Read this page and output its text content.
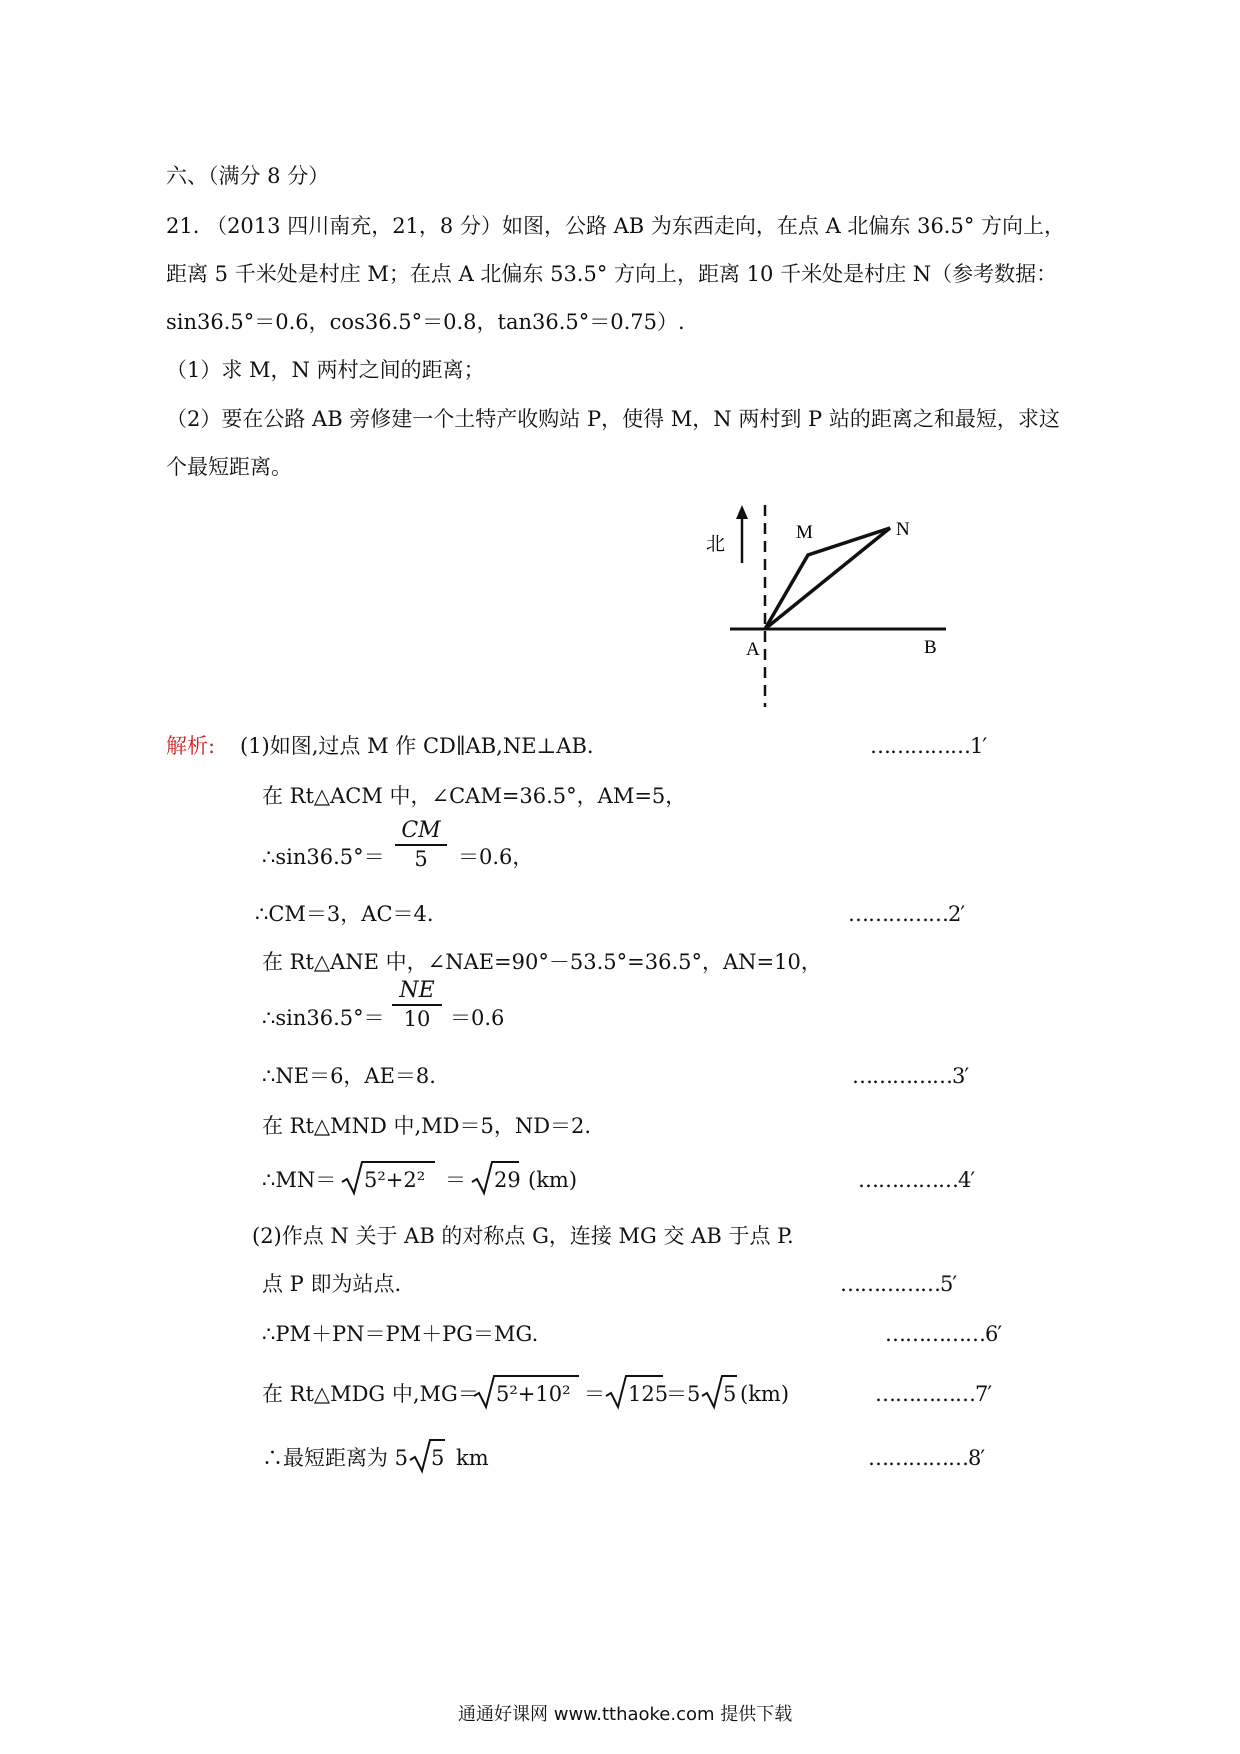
六、（满分 8 分）
21. （2013 四川南充，21，8 分）如图，公路 AB 为东西走向，在点 A 北偏东 36.5° 方向上，
距离 5 千米处是村庄 M；在点 A 北偏东 53.5° 方向上，距离 10 千米处是村庄 N（参考数据：
sin36.5°＝0.6，cos36.5°＝0.8，tan36.5°＝0.75）.
（1）求 M，N 两村之间的距离；
（2）要在公路 AB 旁修建一个土特产收购站 P，使得 M，N 两村到 P 站的距离之和最短，求这
个最短距离。
北
A	B
M	N
解析: (1)如图,过点 M 作 CD∥AB,NE⊥AB.	……………1′
在 Rt△ACM 中，∠CAM=36.5°，AM=5，
∴sin36.5°＝
CM
5	＝0.6，
∴CM＝3，AC＝4.	……………2′
在 Rt△ANE 中，∠NAE=90°－53.5°=36.5°，AN=10，
∴sin36.5°＝
NE
10 ＝0.6
∴NE＝6，AE＝8.	……………3′
在 Rt△MND 中,MD＝5，ND＝2.
∴MN＝ 5²+2² ＝ 29 (km)	……………4′
(2)作点 N 关于 AB 的对称点 G，连接 MG 交 AB 于点 P.
点 P 即为站点.	……………5′
∴PM＋PN＝PM＋PG＝MG.	……………6′
在 Rt△MDG 中,MG＝ 5²+10² ＝ 125
＝5 5 (km)	……………7′
∴最短距离为 5 5 km	……………8′
通通好课网 www.tthaoke.com 提供下载
